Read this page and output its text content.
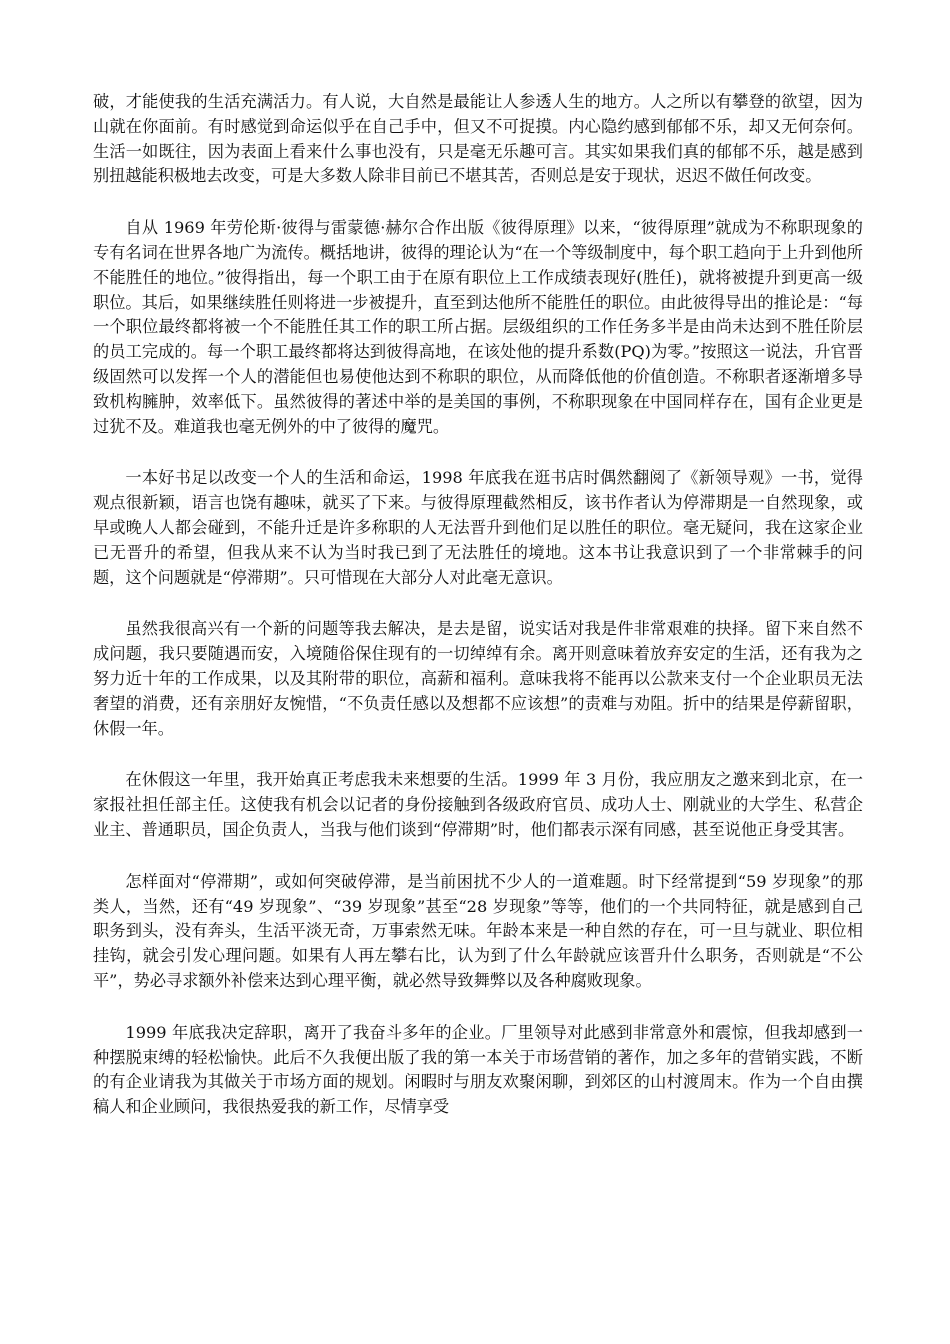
破，才能使我的生活充满活力。有人说，大自然是最能让人参透人生的地方。人之所以有攀登的欲望，因为山就在你面前。有时感觉到命运似乎在自己手中，但又不可捉摸。内心隐约感到郁郁不乐，却又无何奈何。生活一如既往，因为表面上看来什么事也没有，只是毫无乐趣可言。其实如果我们真的郁郁不乐，越是感到别扭越能积极地去改变，可是大多数人除非目前已不堪其苦，否则总是安于现状，迟迟不做任何改变。

自从 1969 年劳伦斯·彼得与雷蒙德·赫尔合作出版《彼得原理》以来，“彼得原理”就成为不称职现象的专有名词在世界各地广为流传。概括地讲，彼得的理论认为“在一个等级制度中，每个职工趋向于上升到他所不能胜任的地位。”彼得指出，每一个职工由于在原有职位上工作成绩表现好(胜任)，就将被提升到更高一级职位。其后，如果继续胜任则将进一步被提升，直至到达他所不能胜任的职位。由此彼得导出的推论是：“每一个职位最终都将被一个不能胜任其工作的职工所占据。层级组织的工作任务多半是由尚未达到不胜任阶层的员工完成的。每一个职工最终都将达到彼得高地，在该处他的提升系数(PQ)为零。”按照这一说法，升官晋级固然可以发挥一个人的潜能但也易使他达到不称职的职位，从而降低他的价值创造。不称职者逐渐增多导致机构臃肿，效率低下。虽然彼得的著述中举的是美国的事例，不称职现象在中国同样存在，国有企业更是过犹不及。难道我也毫无例外的中了彼得的魔咒。

一本好书足以改变一个人的生活和命运，1998 年底我在逛书店时偶然翻阅了《新领导观》一书，觉得观点很新颖，语言也饶有趣味，就买了下来。与彼得原理截然相反，该书作者认为停滞期是一自然现象，或早或晚人人都会碰到，不能升迁是许多称职的人无法晋升到他们足以胜任的职位。毫无疑问，我在这家企业已无晋升的希望，但我从来不认为当时我已到了无法胜任的境地。这本书让我意识到了一个非常棘手的问题，这个问题就是“停滞期”。只可惜现在大部分人对此毫无意识。

虽然我很高兴有一个新的问题等我去解决，是去是留，说实话对我是件非常艰难的抉择。留下来自然不成问题，我只要随遇而安，入境随俗保住现有的一切绰绰有余。离开则意味着放弃安定的生活，还有我为之努力近十年的工作成果，以及其附带的职位，高薪和福利。意味我将不能再以公款来支付一个企业职员无法奢望的消费，还有亲朋好友惋惜，“不负责任感以及想都不应该想”的责难与劝阻。折中的结果是停薪留职，休假一年。

在休假这一年里，我开始真正考虑我未来想要的生活。1999 年 3 月份，我应朋友之邀来到北京，在一家报社担任部主任。这使我有机会以记者的身份接触到各级政府官员、成功人士、刚就业的大学生、私营企业主、普通职员，国企负责人，当我与他们谈到“停滞期”时，他们都表示深有同感，甚至说他正身受其害。

怎样面对“停滞期”，或如何突破停滞，是当前困扰不少人的一道难题。时下经常提到“59 岁现象”的那类人，当然，还有“49 岁现象”、“39 岁现象”甚至“28 岁现象”等等，他们的一个共同特征，就是感到自己职务到头，没有奔头，生活平淡无奇，万事索然无味。年龄本来是一种自然的存在，可一旦与就业、职位相挂钩，就会引发心理问题。如果有人再左攀右比，认为到了什么年龄就应该晋升什么职务，否则就是“不公平”，势必寻求额外补偿来达到心理平衡，就必然导致舞弊以及各种腐败现象。

1999 年底我决定辞职，离开了我奋斗多年的企业。厂里领导对此感到非常意外和震惊，但我却感到一种摆脱束缚的轻松愉快。此后不久我便出版了我的第一本关于市场营销的著作，加之多年的营销实践，不断的有企业请我为其做关于市场方面的规划。闲暇时与朋友欢聚闲聊，到郊区的山村渡周末。作为一个自由撰稿人和企业顾问，我很热爱我的新工作，尽情享受
